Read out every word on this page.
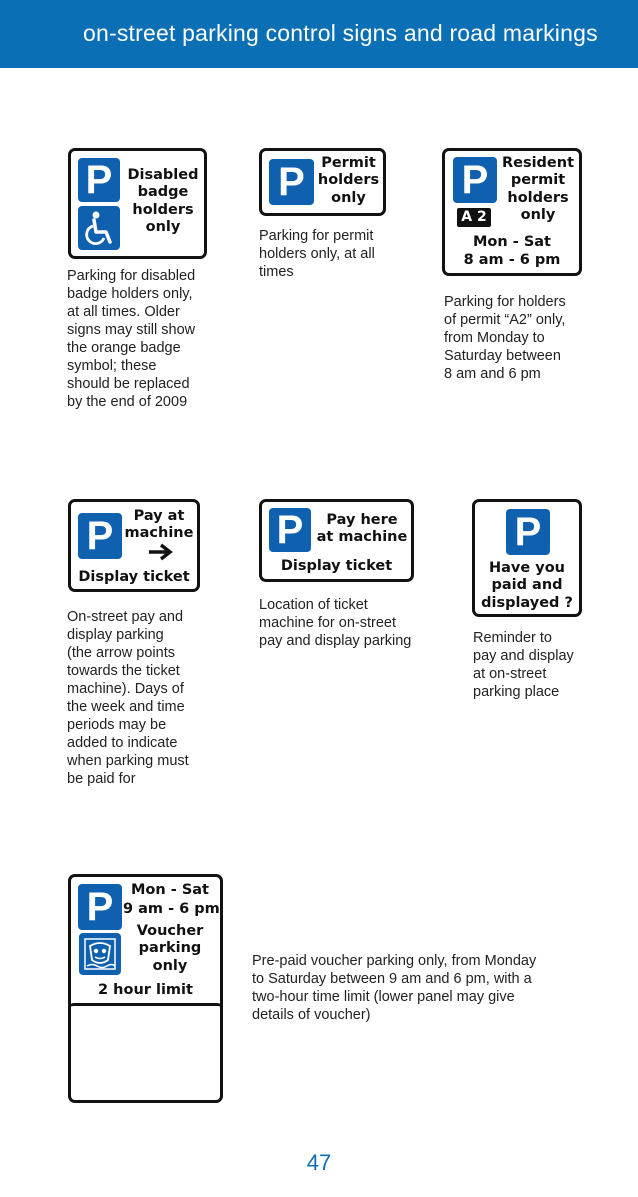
on-street parking control signs and road markings
P	Disabled
badge
holders
only
Parking for disabled
badge holders only,
at all times. Older
signs may still show
the orange badge
symbol; these
should be replaced
by the end of 2009
P	Permit
holders
only
Parking for permit
holders only, at all
times
P
A 2
Resident
permit
holders
only
Mon - Sat
8 am - 6 pm
Parking for holders
of permit “A2” only,
from Monday to
Saturday between
8 am and 6 pm
P	Pay at
machine
Display ticket
On-street pay and
display parking
(the arrow points
towards the ticket
machine). Days of
the week and time
periods may be
added to indicate
when parking must
be paid for
P	Pay here
at machine
Display ticket
Location of ticket
machine for on-street
pay and display parking
P
Have you
paid and
displayed ?
Reminder to
pay and display
at on-street
parking place
P	Mon - Sat
9 am - 6 pm
Voucher
parking
only
2 hour limit
Pre-paid voucher parking only, from Monday
to Saturday between 9 am and 6 pm, with a
two-hour time limit (lower panel may give
details of voucher)
47
